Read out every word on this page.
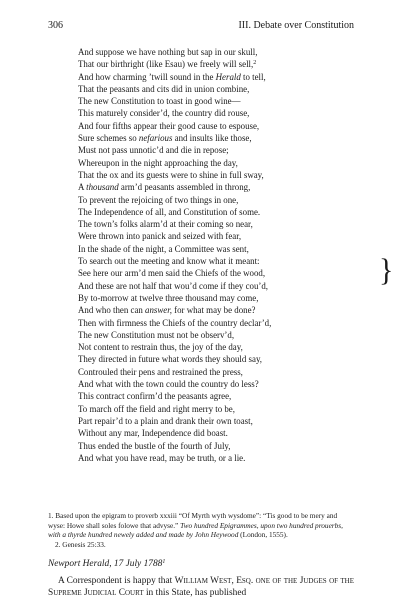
306	III. Debate over Constitution
And suppose we have nothing but sap in our skull,
That our birthright (like Esau) we freely will sell,$^2$
And how charming ’twill sound in the Herald to tell,
That the peasants and cits did in union combine,
The new Constitution to toast in good wine—
This maturely consider’d, the country did rouse,
And four fifths appear their good cause to espouse,
Sure schemes so nefarious and insults like those,
Must not pass unnotic’d and die in repose;
Whereupon in the night approaching the day,
That the ox and its guests were to shine in full sway,
A thousand arm’d peasants assembled in throng,
To prevent the rejoicing of two things in one,
The Independence of all, and Constitution of some.
The town’s folks alarm’d at their coming so near,
Were thrown into panick and seized with fear,
In the shade of the night, a Committee was sent,
To search out the meeting and know what it meant:
See here our arm’d men said the Chiefs of the wood,
And these are not half that wou’d come if they cou’d,
By to-morrow at twelve three thousand may come,
And who then can answer, for what may be done?
Then with firmness the Chiefs of the country declar’d,
The new Constitution must not be observ’d,
Not content to restrain thus, the joy of the day,
They directed in future what words they should say,
Controuled their pens and restrained the press,
And what with the town could the country do less?
This contract confirm’d the peasants agree,
To march off the field and right merry to be,
Part repair’d to a plain and drank their own toast,
Without any mar, Independence did boast.
Thus ended the bustle of the fourth of July,
And what you have read, may be truth, or a lie.
}

1. Based upon the epigram to proverb xxxiii “Of Myrth wyth wysdome”: “Tis good to be mery and wyse: Howe shall soles folowe that advyse.” Two hundred Epigrammes, upon two hundred prouerbs, with a thyrde hundred newely added and made by John Heywood (London, 1555).

2. Genesis 25:33.

Newport Herald, 17 July 1788$^1$
A Correspondent is happy that William West, Esq. one of the Judges of the Supreme Judicial Court in this State, has published
